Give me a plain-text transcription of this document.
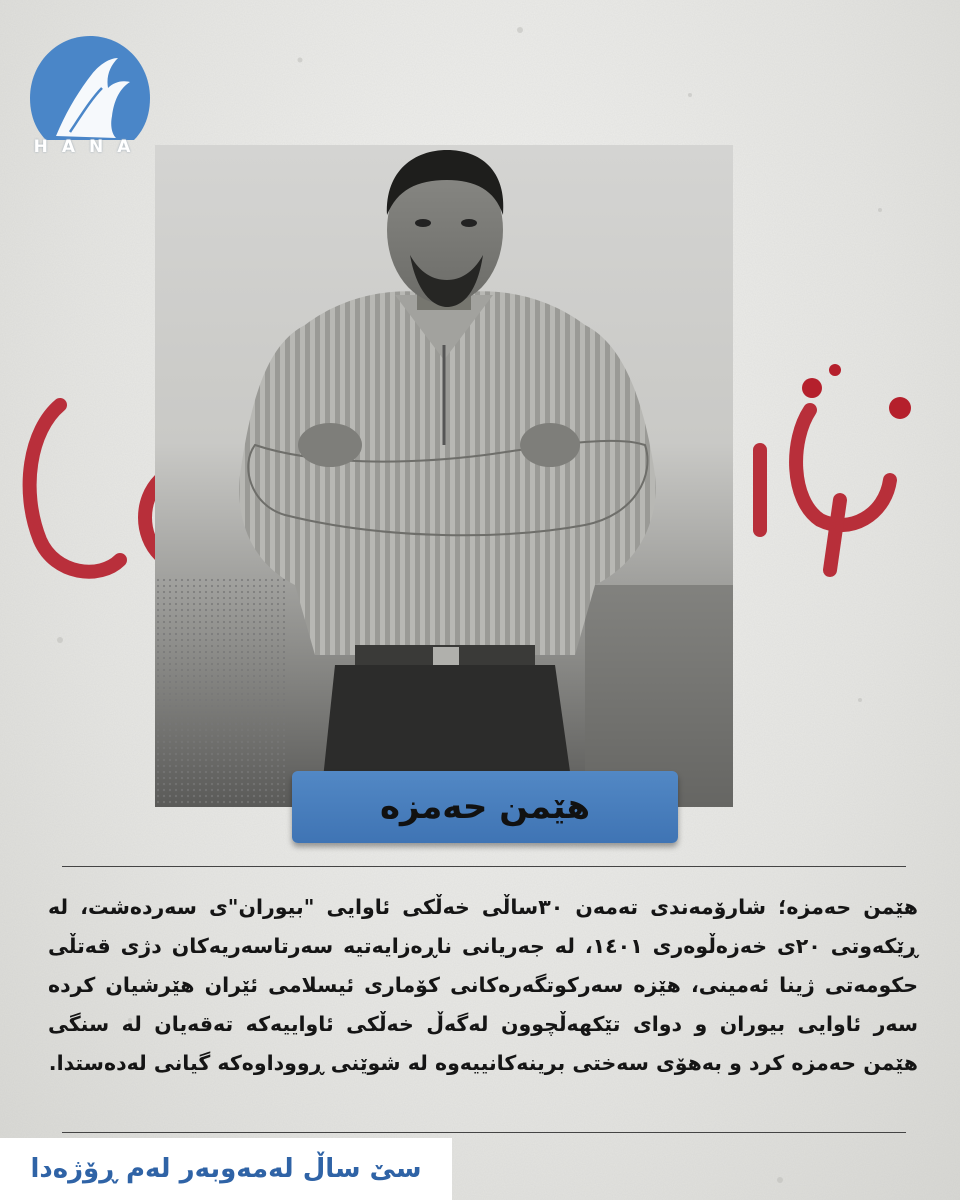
HANA
هێمن حەمزە
هێمن حەمزە؛ شارۆمەندی تەمەن ٣٠ساڵی خەڵکی ئاوایی "بیوران"ی سەردەشت، لە ڕێکەوتی ٢٠ی خەزەڵوەری ١٤٠١، لە جەریانی ناڕەزایەتیە سەرتاسەریەکان دژی قەتڵی حکومەتی ژینا ئەمینی، هێزە سەرکوتگەرەکانی کۆماری ئیسلامی ئێران هێرشیان کردە سەر ئاوایی بیوران و دوای تێکهەڵچوون لەگەڵ خەڵکی ئاواییەکە تەقەیان لە سنگی هێمن حەمزە کرد و بەهۆی سەختی برینەکانییەوە لە شوێنی ڕووداوەکە گیانی لەدەستدا.
سێ ساڵ لەمەوبەر لەم ڕۆژەدا
